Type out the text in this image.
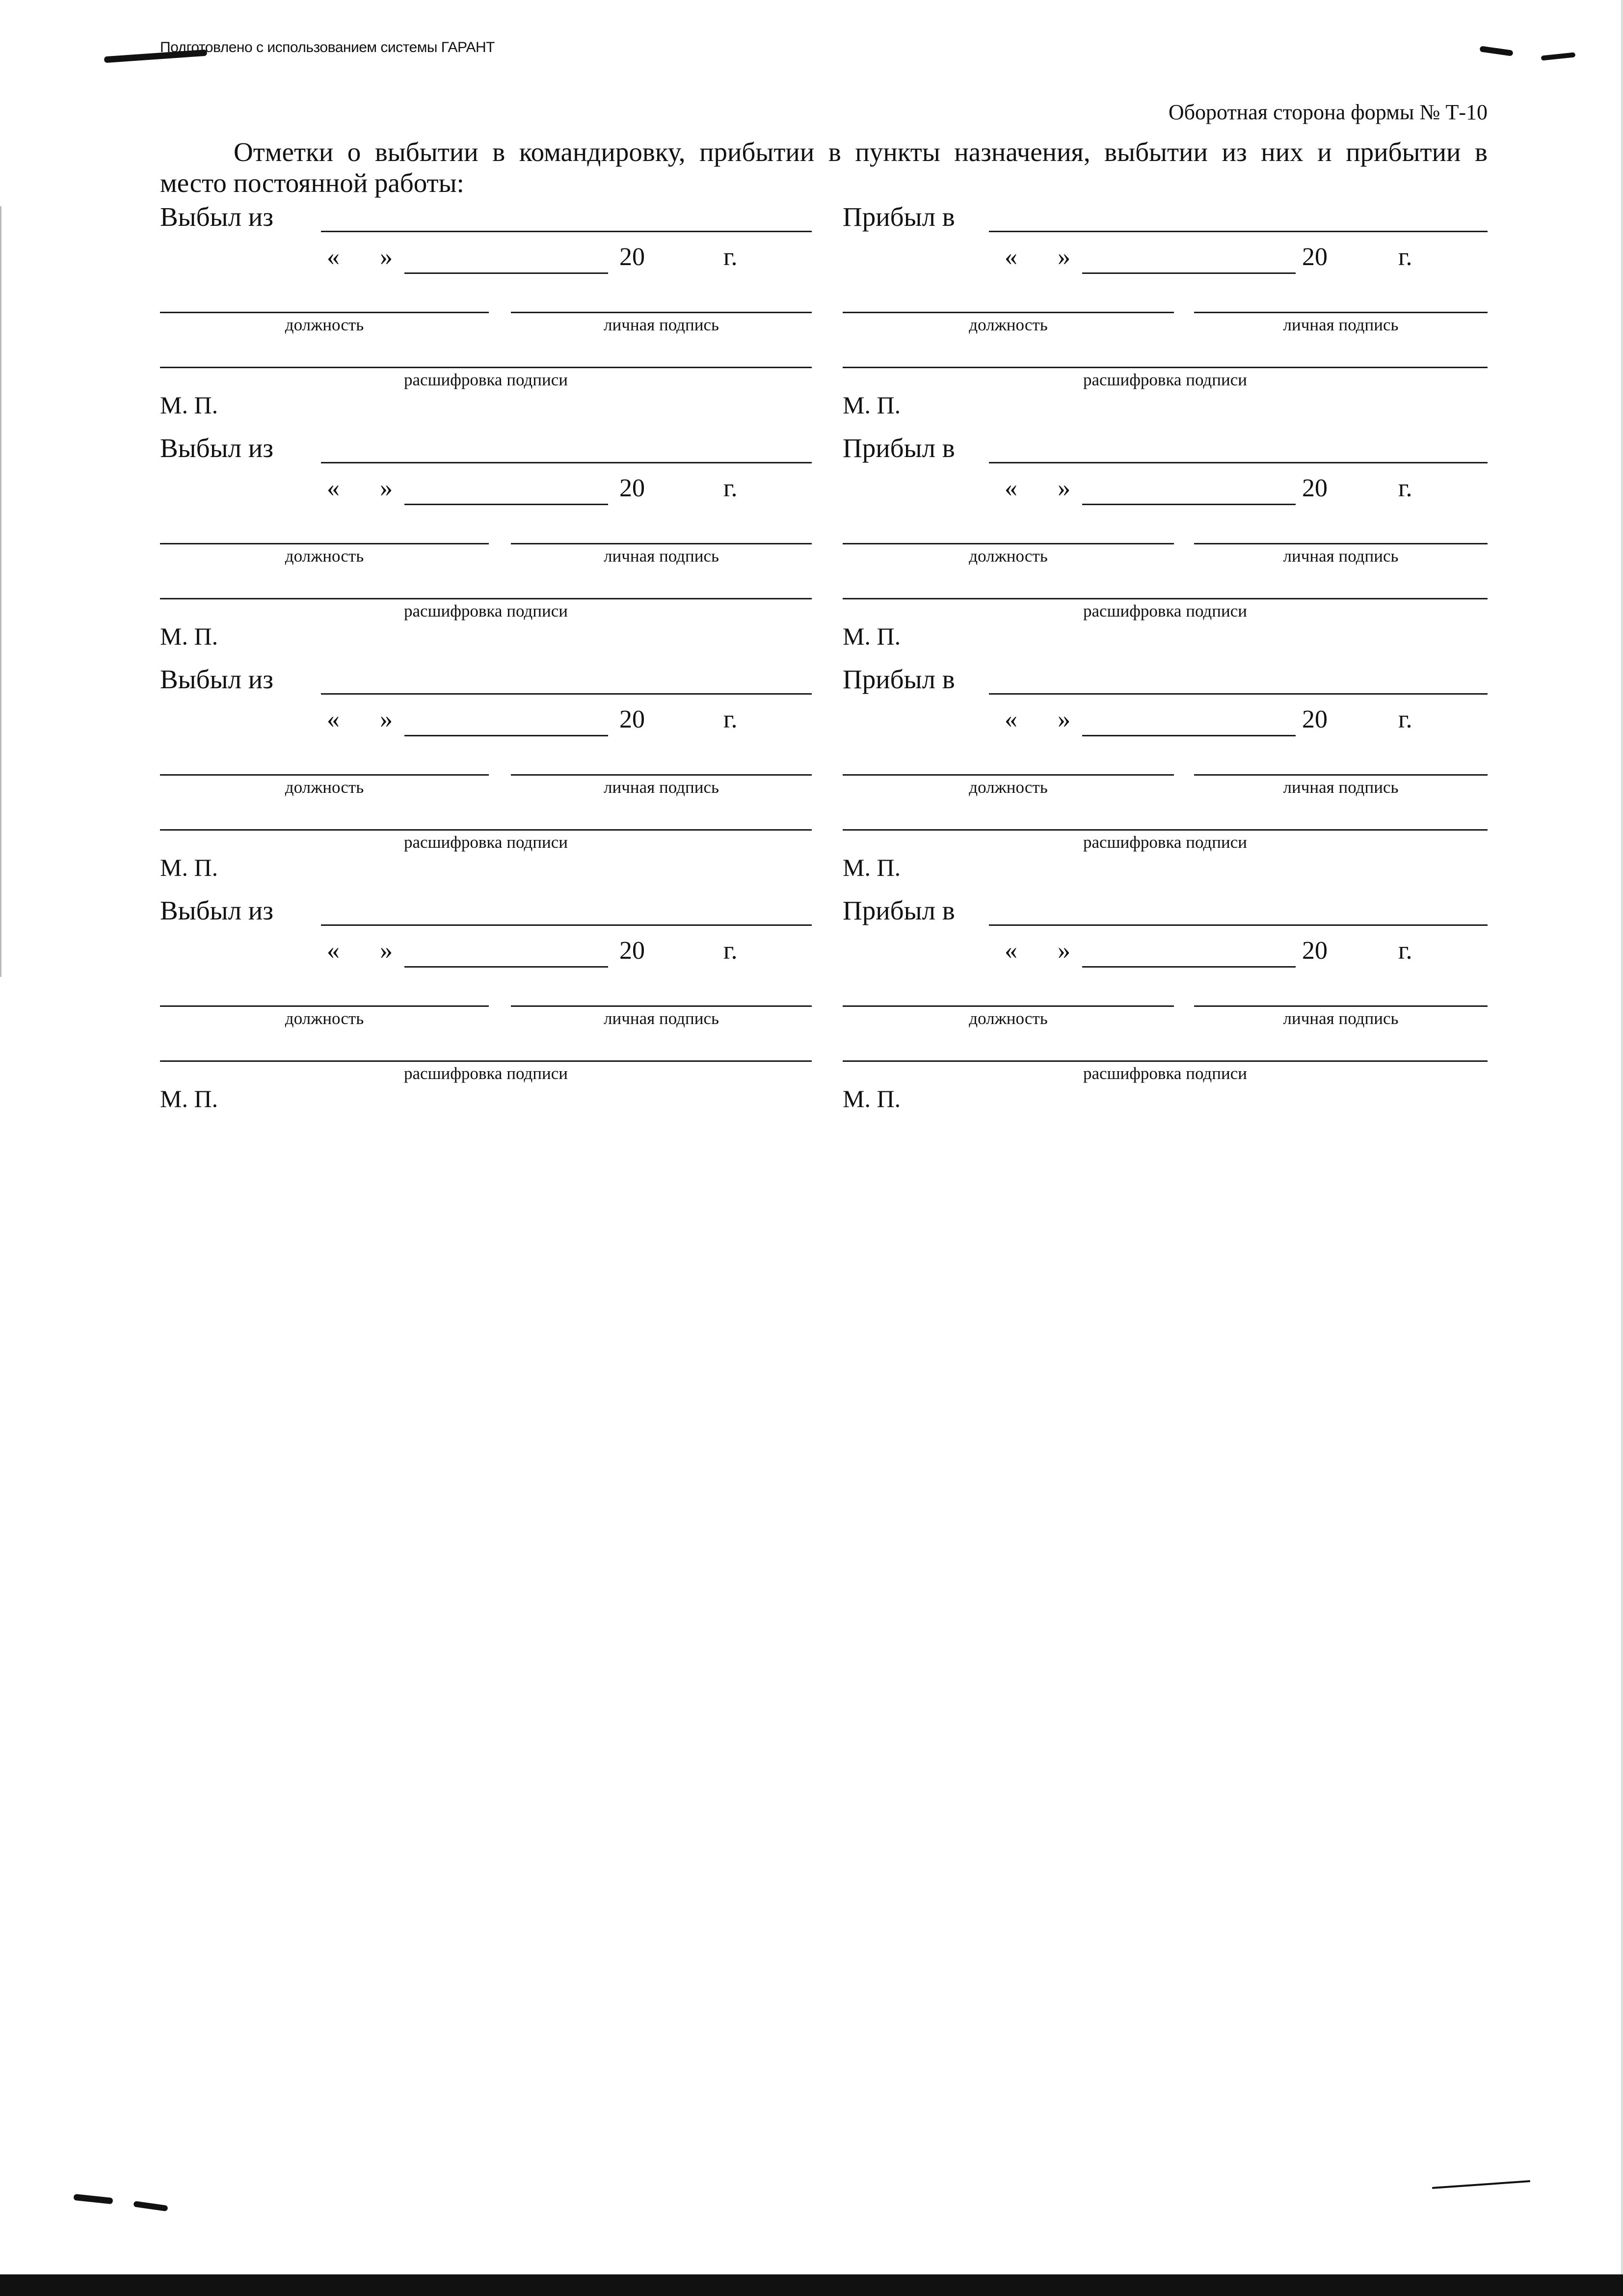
Подготовлено с использованием системы ГАРАНТ
Оборотная сторона формы № Т-10
Отметки о выбытии в командировку, прибытии в пункты назначения, выбытии из них и прибытии в
место постоянной работы:
Выбыл из
« »	20	г.
должность	личная подпись
расшифровка подписи
М. П.
Выбыл из
« »	20	г.
должность	личная подпись
расшифровка подписи
М. П.
Выбыл из
« »	20	г.
должность	личная подпись
расшифровка подписи
М. П.
Выбыл из
« »	20	г.
должность	личная подпись
расшифровка подписи
М. П.
Прибыл в
« »	20	г.
должность	личная подпись
расшифровка подписи
М. П.
Прибыл в
« »	20	г.
должность	личная подпись
расшифровка подписи
М. П.
Прибыл в
« »	20	г.
должность	личная подпись
расшифровка подписи
М. П.
Прибыл в
« »	20	г.
должность	личная подпись
расшифровка подписи
М. П.
